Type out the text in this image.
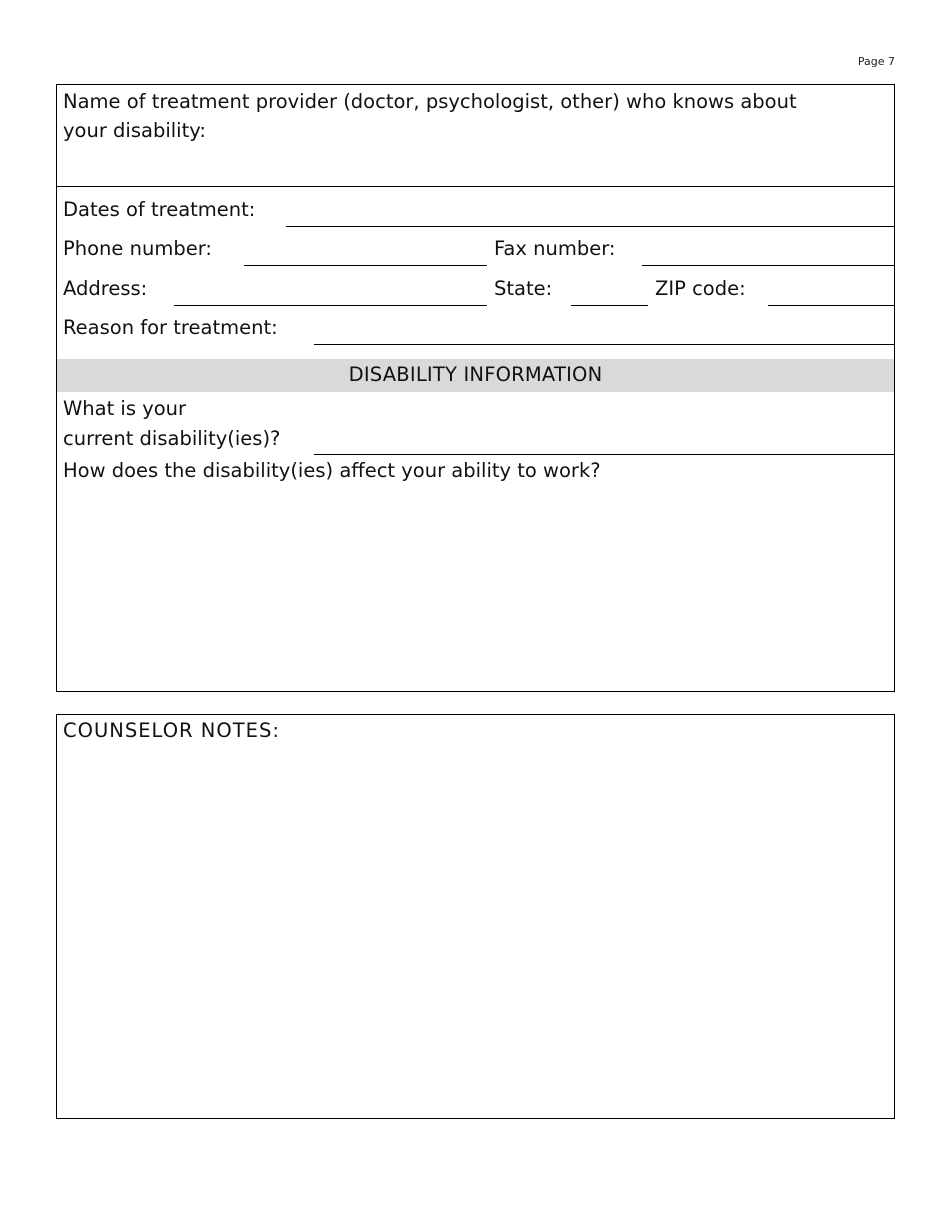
Page 7
Name of treatment provider (doctor, psychologist, other) who knows about
your disability:
Dates of treatment:
Phone number:	Fax number:
Address:	State:	ZIP code:
Reason for treatment:
DISABILITY INFORMATION
What is your
current disability(ies)?
How does the disability(ies) affect your ability to work?
COUNSELOR NOTES:
